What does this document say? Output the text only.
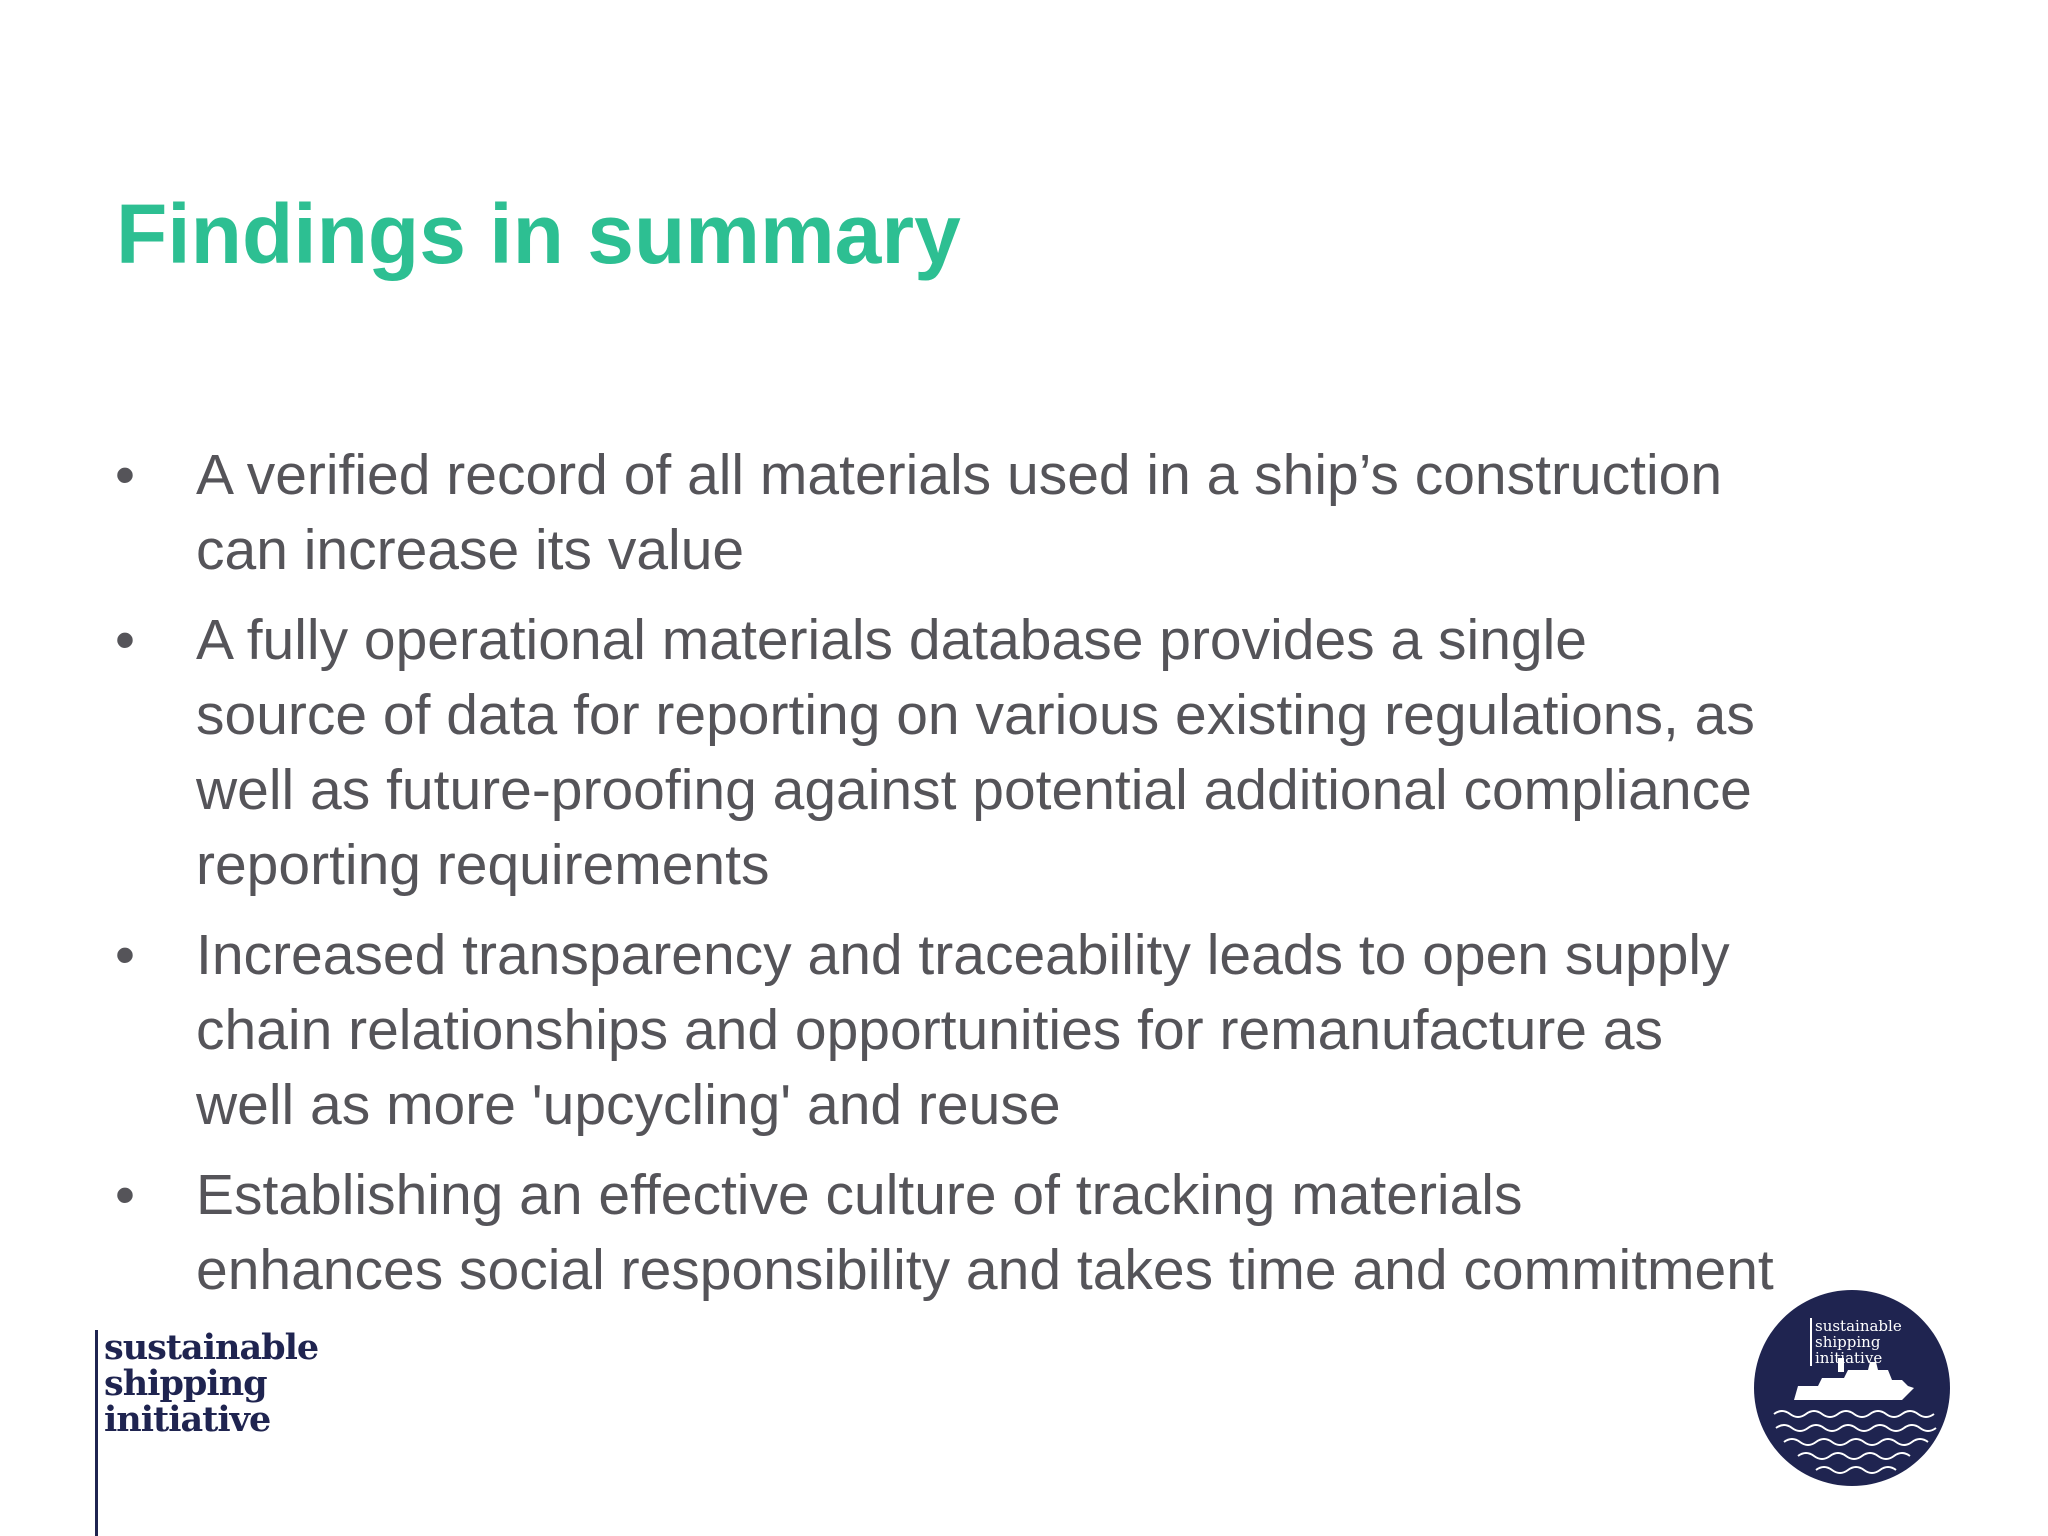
Findings in summary
• A verified record of all materials used in a ship’s construction
can increase its value
• A fully operational materials database provides a single
source of data for reporting on various existing regulations, as
well as future-proofing against potential additional compliance
reporting requirements
• Increased transparency and traceability leads to open supply
chain relationships and opportunities for remanufacture as
well as more 'upcycling' and reuse
• Establishing an effective culture of tracking materials
enhances social responsibility and takes time and commitment
sustainable
shipping
initiative
sustainable
shipping
initiative
